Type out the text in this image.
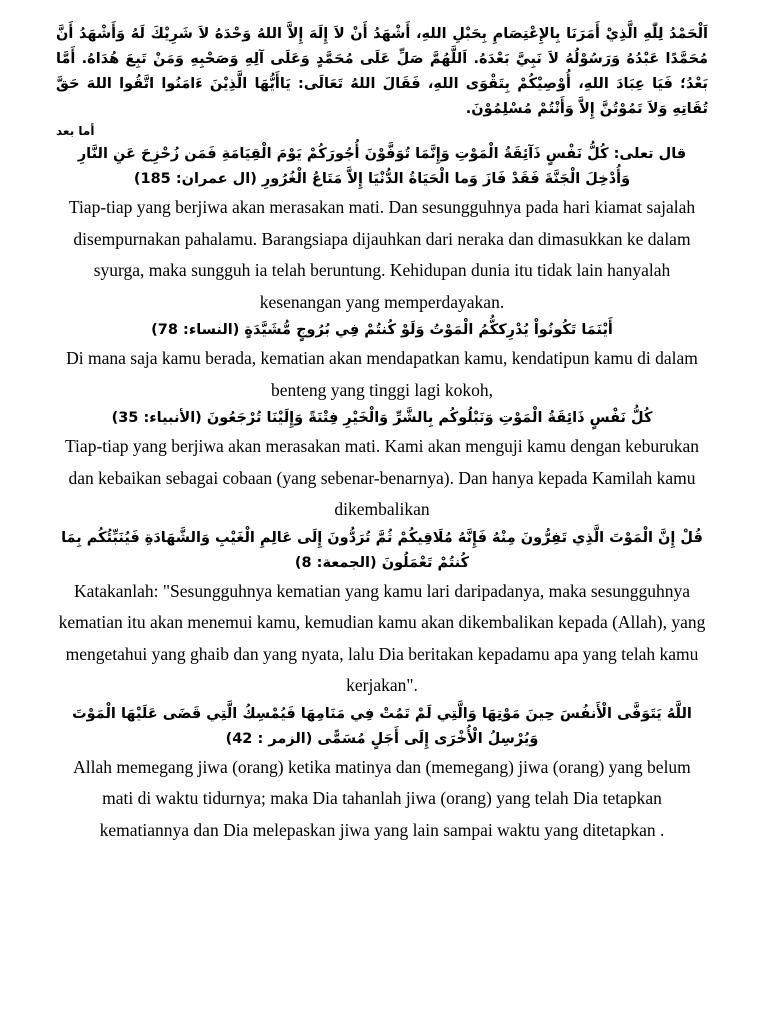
اَلْحَمْدُ لِلّٰهِ الَّذِيْ أَمَرَنَا بِالإِعْتِصَامِ بِحَبْلِ اللهِ، أَشْهَدُ أَنْ لاَ إِلَهَ إِلاَّ اللهُ وَحْدَهُ لاَ شَرِيْكَ لَهُ وَأَشْهَدُ أَنَّ مُحَمَّدًا عَبْدُهُ وَرَسُوْلُهُ لاَ نَبِيَّ بَعْدَهُ. اَللَّهُمَّ صَلِّ عَلَى مُحَمَّدٍ وَعَلَى آلِهِ وَصَحْبِهِ وَمَنْ تَبِعَ هُدَاهُ. أَمَّا بَعْدُ؛ فَيَا عِبَادَ اللهِ، أُوْصِيْكُمْ بِتَقْوَى اللهِ، فَقَالَ اللهُ تَعَالَى: يَاأَيُّهَا الَّذِيْنَ ءَامَنُوا اتَّقُوا اللهَ حَقَّ تُقَاتِهِ وَلاَ تَمُوْتُنَّ إِلاَّ وَأَنْتُمْ مُسْلِمُوْنَ.

أما بعد

قال تعلى: كُلُّ نَفْسٍ ذَآئِقَةُ الْمَوْتِ وَإِنَّمَا تُوَفَّوْنَ أُجُورَكُمْ يَوْمَ الْقِيَامَةِ فَمَن زُحْزِحَ عَنِ النَّارِ وَأُدْخِلَ الْجَنَّةَ فَقَدْ فَازَ وَما الْحَيَاةُ الدُّنْيَا إِلاَّ مَتَاعُ الْغُرُورِ (ال عمران: 185)

Tiap-tiap yang berjiwa akan merasakan mati. Dan sesungguhnya pada hari kiamat sajalah disempurnakan pahalamu. Barangsiapa dijauhkan dari neraka dan dimasukkan ke dalam syurga, maka sungguh ia telah beruntung. Kehidupan dunia itu tidak lain hanyalah kesenangan yang memperdayakan.

أَيْنَمَا تَكُونُواْ يُدْرِككُّمُ الْمَوْتُ وَلَوْ كُنتُمْ فِي بُرُوجٍ مُّشَيَّدَةٍ (النساء: 78)

Di mana saja kamu berada, kematian akan mendapatkan kamu, kendatipun kamu di dalam benteng yang tinggi lagi kokoh,

كُلُّ نَفْسٍ ذَائِقَةُ الْمَوْتِ وَنَبْلُوكُم بِالشَّرِّ وَالْخَيْرِ فِتْنَةً وَإِلَيْنَا تُرْجَعُونَ (الأنبياء: 35)

Tiap-tiap yang berjiwa akan merasakan mati. Kami akan menguji kamu dengan keburukan dan kebaikan sebagai cobaan (yang sebenar-benarnya). Dan hanya kepada Kamilah kamu dikembalikan

قُلْ إِنَّ الْمَوْتَ الَّذِي تَفِرُّونَ مِنْهُ فَإِنَّهُ مُلَاقِيكُمْ ثُمَّ تُرَدُّونَ إِلَى عَالِمِ الْغَيْبِ وَالشَّهَادَةِ فَيُنَبِّئُكُم بِمَا كُنتُمْ تَعْمَلُونَ (الجمعة: 8)

Katakanlah: "Sesungguhnya kematian yang kamu lari daripadanya, maka sesungguhnya kematian itu akan menemui kamu, kemudian kamu akan dikembalikan kepada (Allah), yang mengetahui yang ghaib dan yang nyata, lalu Dia beritakan kepadamu apa yang telah kamu kerjakan".

اللَّهُ يَتَوَفَّى الْأَنفُسَ حِينَ مَوْتِهَا وَالَّتِي لَمْ تَمُتْ فِي مَنَامِهَا فَيُمْسِكُ الَّتِي قَضَى عَلَيْهَا الْمَوْتَ وَيُرْسِلُ الْأُخْرَى إِلَى أَجَلٍ مُسَمًّى (الزمر : 42)

Allah memegang jiwa (orang) ketika matinya dan (memegang) jiwa (orang) yang belum mati di waktu tidurnya; maka Dia tahanlah jiwa (orang) yang telah Dia tetapkan kematiannya dan Dia melepaskan jiwa yang lain sampai waktu yang ditetapkan .
